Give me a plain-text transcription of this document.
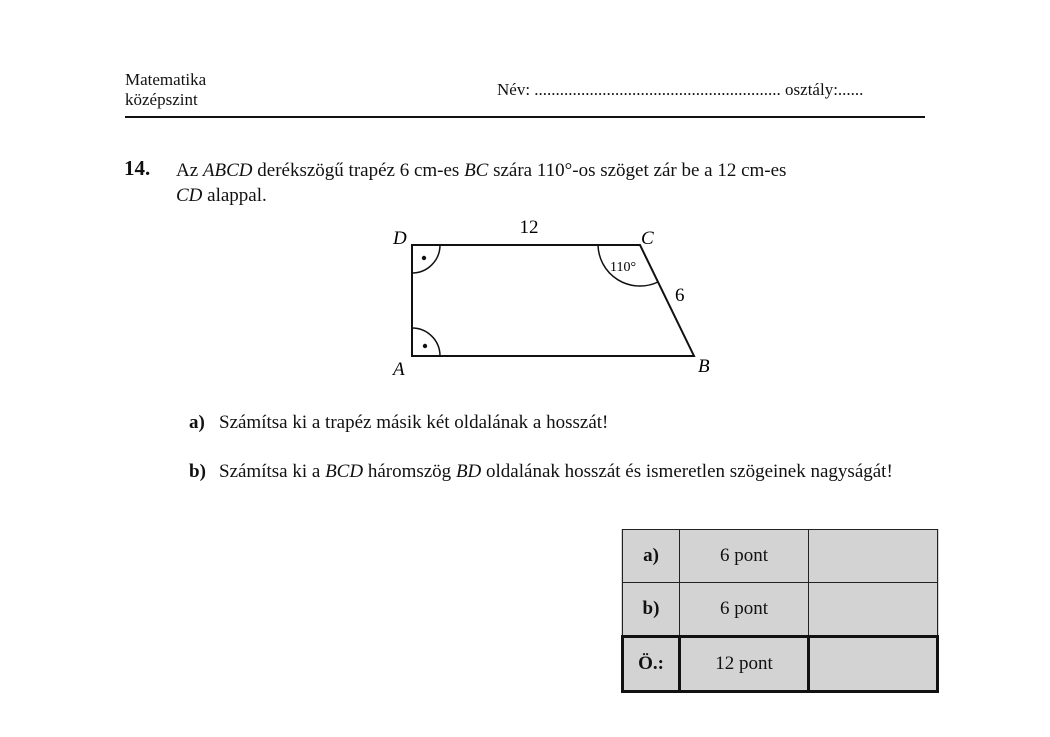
Matematika
középszint
Név: .......................................................... osztály:......
14. Az ABCD derékszögű trapéz 6 cm-es BC szára 110°-os szöget zár be a 12 cm-es
CD alappal.
110°
12
6
D	C
A	B
a) Számítsa ki a trapéz másik két oldalának a hosszát!
b) Számítsa ki a BCD háromszög BD oldalának hosszát és ismeretlen szögeinek nagyságát!
a)	6 pont	
b)	6 pont	
Ö.:	12 pont	
